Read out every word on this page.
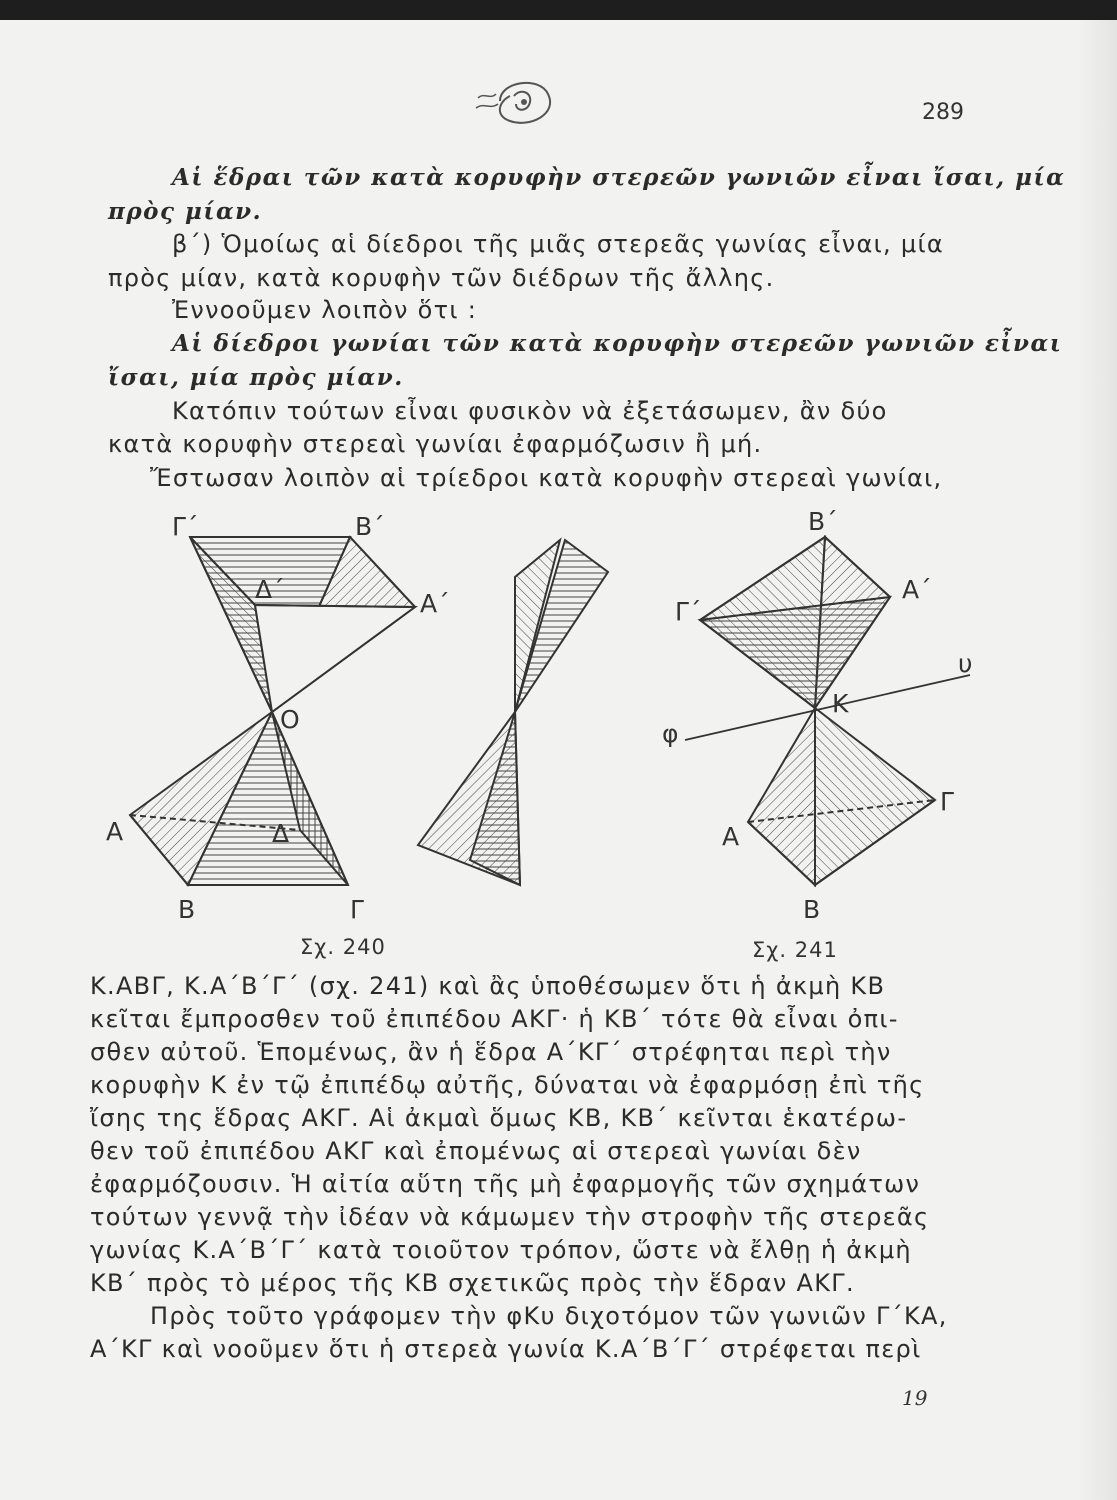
289
Αἱ ἕδραι τῶν κατὰ κορυφὴν στερεῶν γωνιῶν εἶναι ἴσαι, μία
πρὸς μίαν.
β΄) Ὁμοίως αἱ δίεδροι τῆς μιᾶς στερεᾶς γωνίας εἶναι, μία
πρὸς μίαν, κατὰ κορυφὴν τῶν διέδρων τῆς ἄλλης.
Ἐννοοῦμεν λοιπὸν ὅτι :
Αἱ δίεδροι γωνίαι τῶν κατὰ κορυφὴν στερεῶν γωνιῶν εἶναι
ἴσαι, μία πρὸς μίαν.
Κατόπιν τούτων εἶναι φυσικὸν νὰ ἐξετάσωμεν, ἂν δύο
κατὰ κορυφὴν στερεαὶ γωνίαι ἐφαρμόζωσιν ἢ μή.
Ἔστωσαν λοιπὸν αἱ τρίεδροι κατὰ κορυφὴν στερεαὶ γωνίαι,
Γ΄	Β΄
Α΄
Δ΄
Ο
Α	Δ
Β	Γ
Β΄
Α΄
Γ΄
υ
φ
Κ
Γ
Α
Β
Σχ. 240	Σχ. 241
Κ.ΑΒΓ, Κ.Α΄Β΄Γ΄ (σχ. 241) καὶ ἂς ὑποθέσωμεν ὅτι ἡ ἀκμὴ ΚΒ
κεῖται ἔμπροσθεν τοῦ ἐπιπέδου ΑΚΓ· ἡ ΚΒ΄ τότε θὰ εἶναι ὀπι-
σθεν αὐτοῦ. Ἑπομένως, ἂν ἡ ἕδρα Α΄ΚΓ΄ στρέφηται περὶ τὴν
κορυφὴν Κ ἐν τῷ ἐπιπέδῳ αὐτῆς, δύναται νὰ ἐφαρμόσῃ ἐπὶ τῆς
ἴσης της ἕδρας ΑΚΓ. Αἱ ἀκμαὶ ὅμως ΚΒ, ΚΒ΄ κεῖνται ἑκατέρω-
θεν τοῦ ἐπιπέδου ΑΚΓ καὶ ἐπομένως αἱ στερεαὶ γωνίαι δὲν
ἐφαρμόζουσιν. Ἡ αἰτία αὕτη τῆς μὴ ἐφαρμογῆς τῶν σχημάτων
τούτων γεννᾷ τὴν ἰδέαν νὰ κάμωμεν τὴν στροφὴν τῆς στερεᾶς
γωνίας Κ.Α΄Β΄Γ΄ κατὰ τοιοῦτον τρόπον, ὥστε νὰ ἔλθῃ ἡ ἀκμὴ
ΚΒ΄ πρὸς τὸ μέρος τῆς ΚΒ σχετικῶς πρὸς τὴν ἕδραν ΑΚΓ.
Πρὸς τοῦτο γράφομεν τὴν φΚυ διχοτόμον τῶν γωνιῶν Γ΄ΚΑ,
Α΄ΚΓ καὶ νοοῦμεν ὅτι ἡ στερεὰ γωνία Κ.Α΄Β΄Γ΄ στρέφεται περὶ
19
